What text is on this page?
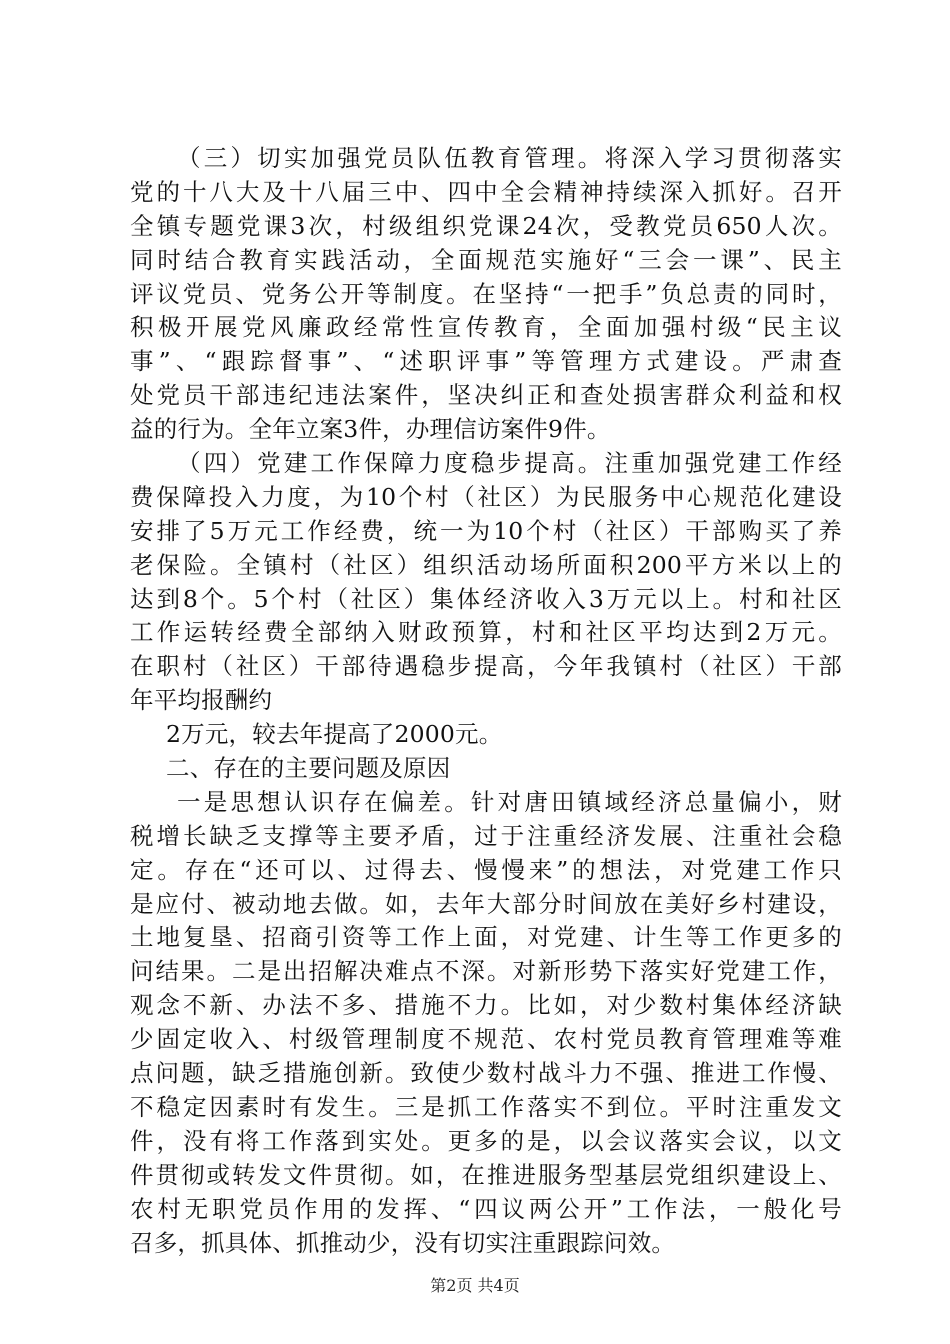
（三）切实加强党员队伍教育管理。将深入学习贯彻落实
党的十八大及十八届三中、四中全会精神持续深入抓好。召开
全镇专题党课3次，村级组织党课24次，受教党员650人次。
同时结合教育实践活动，全面规范实施好“三会一课”、民主
评议党员、党务公开等制度。在坚持“一把手”负总责的同时，
积极开展党风廉政经常性宣传教育，全面加强村级“民主议
事”、“跟踪督事”、“述职评事”等管理方式建设。严肃查
处党员干部违纪违法案件，坚决纠正和查处损害群众利益和权
益的行为。全年立案3件，办理信访案件9件。
（四）党建工作保障力度稳步提高。注重加强党建工作经
费保障投入力度，为10个村（社区）为民服务中心规范化建设
安排了5万元工作经费，统一为10个村（社区）干部购买了养
老保险。全镇村（社区）组织活动场所面积200平方米以上的
达到8个。5个村（社区）集体经济收入3万元以上。村和社区
工作运转经费全部纳入财政预算，村和社区平均达到2万元。
在职村（社区）干部待遇稳步提高，今年我镇村（社区）干部
年平均报酬约
2万元，较去年提高了2000元。
二、存在的主要问题及原因
一是思想认识存在偏差。针对唐田镇域经济总量偏小，财
税增长缺乏支撑等主要矛盾，过于注重经济发展、注重社会稳
定。存在“还可以、过得去、慢慢来”的想法，对党建工作只
是应付、被动地去做。如，去年大部分时间放在美好乡村建设，
土地复垦、招商引资等工作上面，对党建、计生等工作更多的
问结果。二是出招解决难点不深。对新形势下落实好党建工作，
观念不新、办法不多、措施不力。比如，对少数村集体经济缺
少固定收入、村级管理制度不规范、农村党员教育管理难等难
点问题，缺乏措施创新。致使少数村战斗力不强、推进工作慢、
不稳定因素时有发生。三是抓工作落实不到位。平时注重发文
件，没有将工作落到实处。更多的是，以会议落实会议，以文
件贯彻或转发文件贯彻。如，在推进服务型基层党组织建设上、
农村无职党员作用的发挥、“四议两公开”工作法，一般化号
召多，抓具体、抓推动少，没有切实注重跟踪问效。
第2页 共4页
